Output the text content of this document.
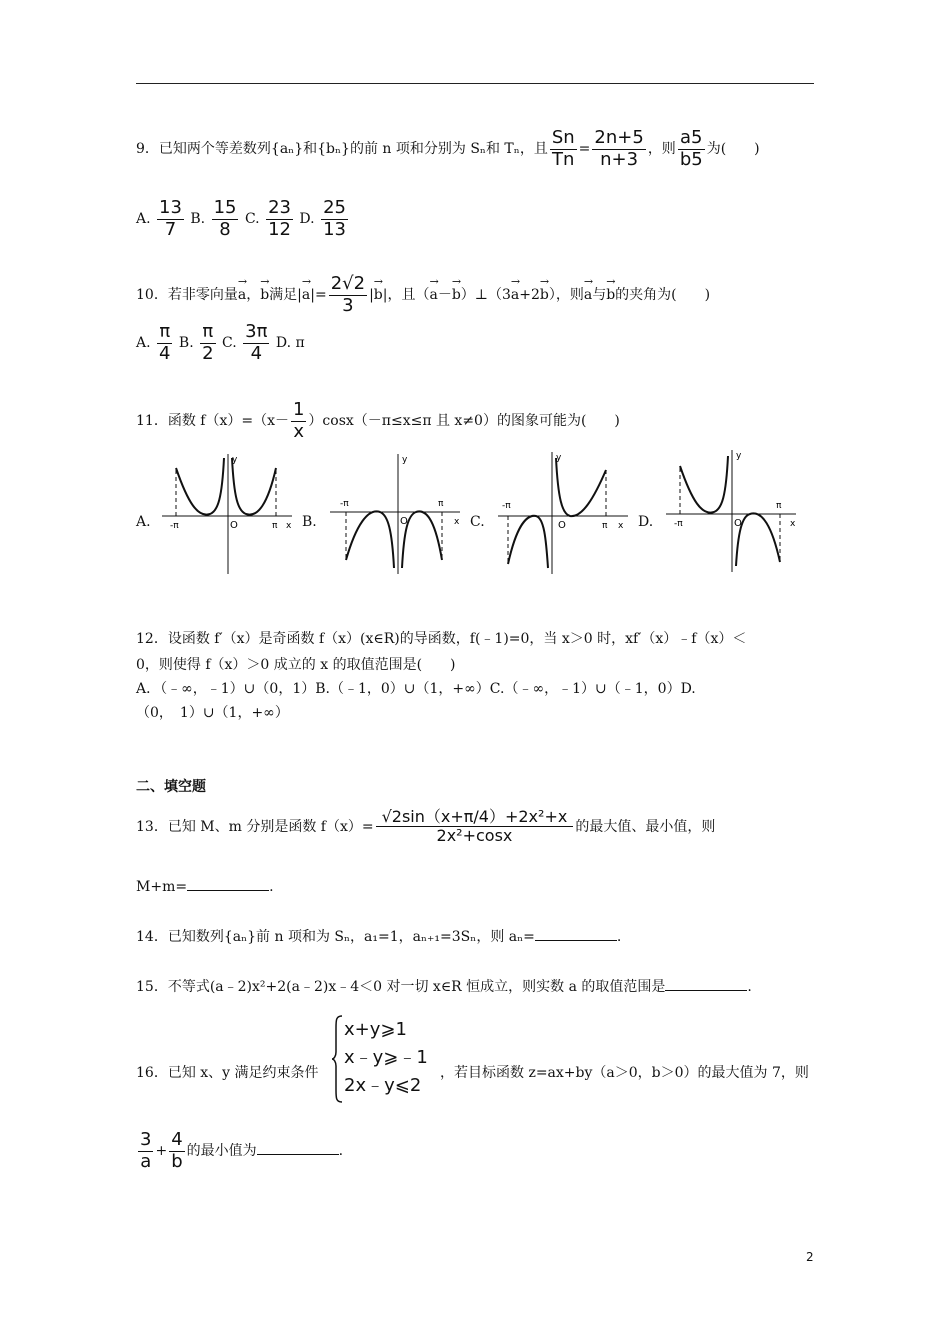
9．已知两个等差数列{aₙ}和{bₙ}的前 n 项和分别为 Sₙ和 Tₙ，且 $\frac{Sn}{Tn} = \frac{2n+5}{n+3}$ ，则 $\frac{a5}{b5}$ 为(　　)
A. $\frac{13}{7} B$. $\frac{15}{8} C$. $\frac{23}{12} D$. $\frac{25}{13}$
10．若非零向量→ a，→ b满足|→ $a|= \frac{2√2}{3}$ |→ b|，且（→ a－→ b）⊥（3→ a+2→ b），则→ a与→ b的夹角为(　　)
A. $\frac{\pi}{4} B$. $\frac{\pi}{2} C$. $\frac{3\pi}{4} D$. π
11．函数 $f(x)=(x- \frac{1}{x} )\cos x(-\pi\le x\le\pi$ 且 x≠0）的图象可能为(　　)
A.
y
x
-π	π
O	B.
y
x
-π	π
O	C.
y
x
-π
π
O	D.
y
x
-π
π
O
12．设函数 f′（x）是奇函数 f（x）(x∈R)的导函数，f(﹣1)=0，当 x＞0 时，xf′（x）﹣f（x）＜
0，则使得 f（x）＞0 成立的 x 的取值范围是(　　)
A．（﹣∞，﹣1）∪（0，1）B.（﹣1，0）∪（1，+∞）C.（﹣∞，﹣1）∪（﹣1，0）D.
（0，　1）∪（1，+∞）
二、填空题
13．已知 M、m 分别是函数 $f(x)= \frac{\text{√2sin（x+π/4）+2x²+x}}{\text{2x²+cosx}}$ 的最大值、最小值，则
M+m=	.
14．已知数列{aₙ}前 n 项和为 Sₙ，a₁=1，aₙ₊₁=3Sₙ，则 aₙ=	.
15．不等式(a﹣2)x²+2(a﹣2)x﹣4＜0 对一切 x∈R 恒成立，则实数 a 的取值范围是	.
16．已知 x、y 满足约束条件
x+y⩾1
x﹣y⩾﹣1
2x﹣y⩽2
，若目标函数 z=ax+by（a＞0，b＞0）的最大值为 7，则
$\frac{3}{a} + \frac{4}{b}$ 的最小值为	.
2
